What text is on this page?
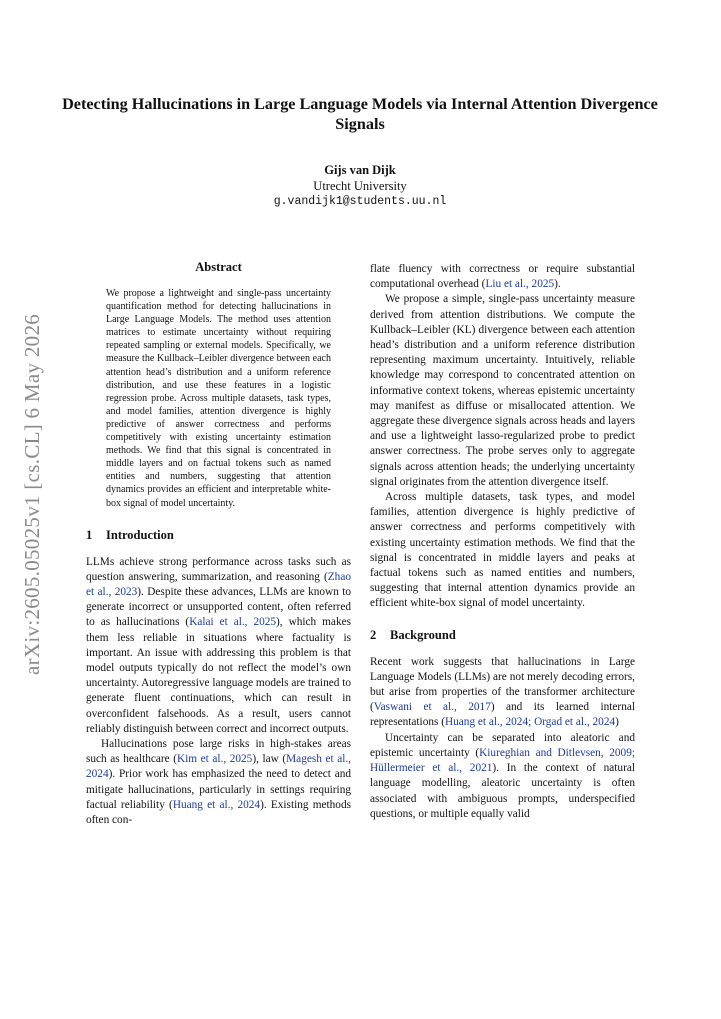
Detecting Hallucinations in Large Language Models via Internal Attention Divergence Signals
Gijs van Dijk
Utrecht University
g.vandijk1@students.uu.nl
arXiv:2605.05025v1 [cs.CL] 6 May 2026
Abstract

We propose a lightweight and single-pass uncertainty quantification method for detecting hallucinations in Large Language Models. The method uses attention matrices to estimate uncertainty without requiring repeated sampling or external models. Specifically, we measure the Kullback–Leibler divergence between each attention head’s distribution and a uniform reference distribution, and use these features in a logistic regression probe. Across multiple datasets, task types, and model families, attention divergence is highly predictive of answer correctness and performs competitively with existing uncertainty estimation methods. We find that this signal is concentrated in middle layers and on factual tokens such as named entities and numbers, suggesting that attention dynamics provides an efficient and interpretable white-box signal of model uncertainty.

1 Introduction

LLMs achieve strong performance across tasks such as question answering, summarization, and reasoning (Zhao et al., 2023). Despite these advances, LLMs are known to generate incorrect or unsupported content, often referred to as hallucinations (Kalai et al., 2025), which makes them less reliable in situations where factuality is important. An issue with addressing this problem is that model outputs typically do not reflect the model’s own uncertainty. Autoregressive language models are trained to generate fluent continuations, which can result in overconfident falsehoods. As a result, users cannot reliably distinguish between correct and incorrect outputs.

Hallucinations pose large risks in high-stakes areas such as healthcare (Kim et al., 2025), law (Magesh et al., 2024). Prior work has emphasized the need to detect and mitigate hallucinations, particularly in settings requiring factual reliability (Huang et al., 2024). Existing methods often con-

flate fluency with correctness or require substantial computational overhead (Liu et al., 2025).

We propose a simple, single-pass uncertainty measure derived from attention distributions. We compute the Kullback–Leibler (KL) divergence between each attention head’s distribution and a uniform reference distribution representing maximum uncertainty. Intuitively, reliable knowledge may correspond to concentrated attention on informative context tokens, whereas epistemic uncertainty may manifest as diffuse or misallocated attention. We aggregate these divergence signals across heads and layers and use a lightweight lasso-regularized probe to predict answer correctness. The probe serves only to aggregate signals across attention heads; the underlying uncertainty signal originates from the attention divergence itself.

Across multiple datasets, task types, and model families, attention divergence is highly predictive of answer correctness and performs competitively with existing uncertainty estimation methods. We find that the signal is concentrated in middle layers and peaks at factual tokens such as named entities and numbers, suggesting that internal attention dynamics provide an efficient white-box signal of model uncertainty.

2 Background

Recent work suggests that hallucinations in Large Language Models (LLMs) are not merely decoding errors, but arise from properties of the transformer architecture (Vaswani et al., 2017) and its learned internal representations (Huang et al., 2024; Orgad et al., 2024)

Uncertainty can be separated into aleatoric and epistemic uncertainty (Kiureghian and Ditlevsen, 2009; Hüllermeier et al., 2021). In the context of natural language modelling, aleatoric uncertainty is often associated with ambiguous prompts, underspecified questions, or multiple equally valid
